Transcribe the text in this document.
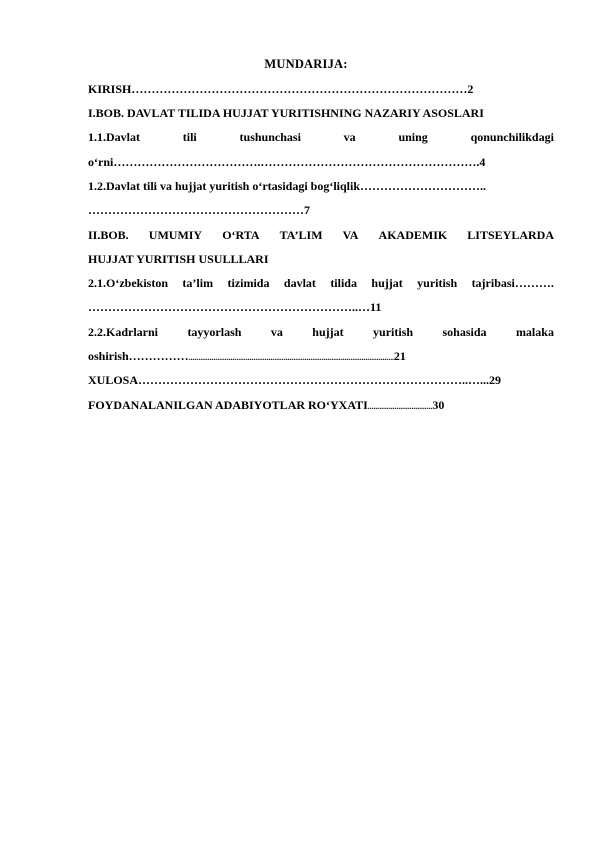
MUNDARIJA:
KIRISH…………………………………………………………………………2
I.BOB. DAVLAT TILIDA HUJJAT YURITISHNING NAZARIY ASOSLARI
1.1.Davlat	tili	tushunchasi	va	uning	qonunchilikdagi
o‘rni……………………………….……………………………………………….4
1.2.Davlat tili va hujjat yuritish o‘rtasidagi bog‘liqlik…………………………..
………………………………………………7
II.BOB. UMUMIY O‘RTA TA’LIM VA AKADEMIK LITSEYLARDA
HUJJAT YURITISH USULLLARI
2.1.O‘zbekiston ta’lim tizimida davlat tilida hujjat yuritish tajribasi……….
…………………………………………………………..…11
2.2.Kadrlarni tayyorlash va hujjat yuritish sohasida malaka
oshirish……………............................................................................................................21
XULOSA………………………………………………………………………..…...29
FOYDANALANILGAN ADABIYOTLAR RO‘YXATI..................................30
